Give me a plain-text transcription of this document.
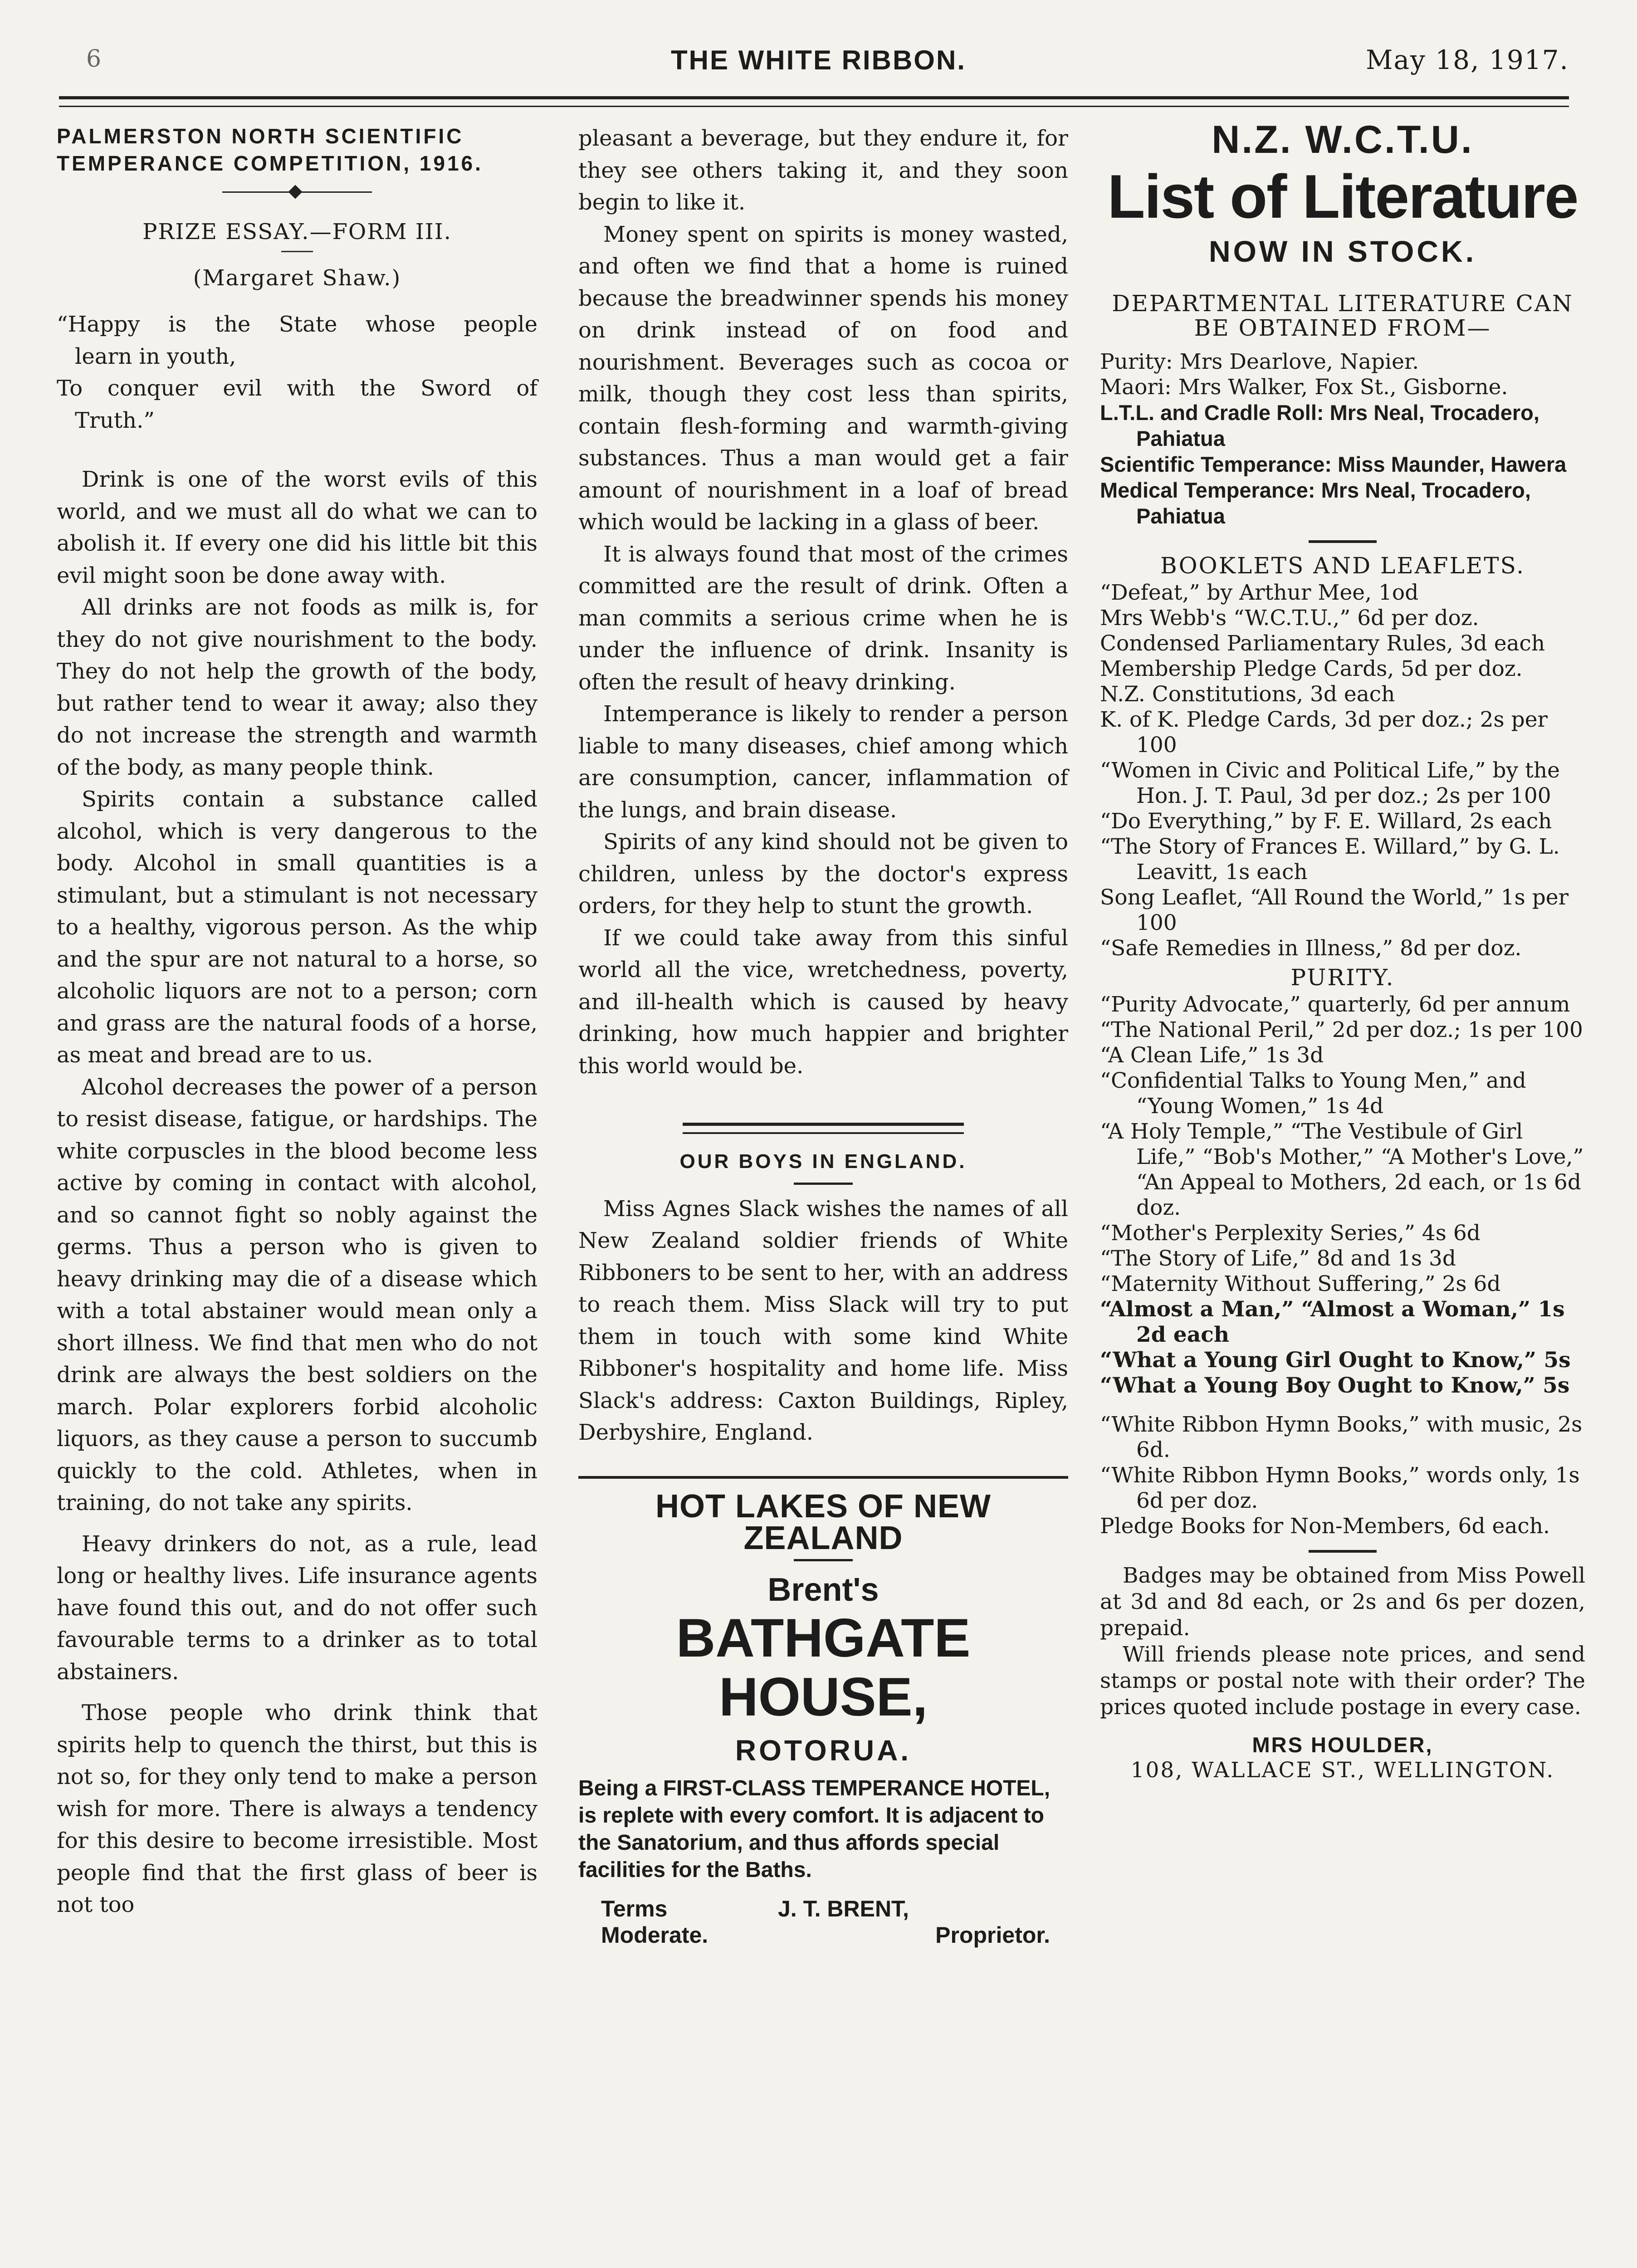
6	THE WHITE RIBBON.	May 18, 1917.

PALMERSTON NORTH SCIENTIFIC TEMPERANCE COMPETITION, 1916.

PRIZE ESSAY.—FORM III.

(Margaret Shaw.)

“Happy is the State whose people

learn in youth,

To conquer evil with the Sword of

Truth.”

Drink is one of the worst evils of this world, and we must all do what we can to abolish it. If every one did his little bit this evil might soon be done away with.

All drinks are not foods as milk is, for they do not give nourishment to the body. They do not help the growth of the body, but rather tend to wear it away; also they do not increase the strength and warmth of the body, as many people think.

Spirits contain a substance called alcohol, which is very dangerous to the body. Alcohol in small quantities is a stimulant, but a stimulant is not necessary to a healthy, vigorous person. As the whip and the spur are not natural to a horse, so alcoholic liquors are not to a person; corn and grass are the natural foods of a horse, as meat and bread are to us.

Alcohol decreases the power of a person to resist disease, fatigue, or hardships. The white corpuscles in the blood become less active by coming in contact with alcohol, and so cannot fight so nobly against the germs. Thus a person who is given to heavy drinking may die of a disease which with a total abstainer would mean only a short illness. We find that men who do not drink are always the best soldiers on the march. Polar explorers forbid alcoholic liquors, as they cause a person to succumb quickly to the cold. Athletes, when in training, do not take any spirits.

Heavy drinkers do not, as a rule, lead long or healthy lives. Life insurance agents have found this out, and do not offer such favourable terms to a drinker as to total abstainers.

Those people who drink think that spirits help to quench the thirst, but this is not so, for they only tend to make a person wish for more. There is always a tendency for this desire to become irresistible. Most people find that the first glass of beer is not too

pleasant a beverage, but they endure it, for they see others taking it, and they soon begin to like it.

Money spent on spirits is money wasted, and often we find that a home is ruined because the breadwinner spends his money on drink instead of on food and nourishment. Beverages such as cocoa or milk, though they cost less than spirits, contain flesh-forming and warmth-giving substances. Thus a man would get a fair amount of nourishment in a loaf of bread which would be lacking in a glass of beer.

It is always found that most of the crimes committed are the result of drink. Often a man commits a serious crime when he is under the influence of drink. Insanity is often the result of heavy drinking.

Intemperance is likely to render a person liable to many diseases, chief among which are consumption, cancer, inflammation of the lungs, and brain disease.

Spirits of any kind should not be given to children, unless by the doctor's express orders, for they help to stunt the growth.

If we could take away from this sinful world all the vice, wretchedness, poverty, and ill-health which is caused by heavy drinking, how much happier and brighter this world would be.

OUR BOYS IN ENGLAND.

Miss Agnes Slack wishes the names of all New Zealand soldier friends of White Ribboners to be sent to her, with an address to reach them. Miss Slack will try to put them in touch with some kind White Ribboner's hospitality and home life. Miss Slack's address: Caxton Buildings, Ripley, Derbyshire, England.

HOT LAKES OF NEW ZEALAND
Brent's
BATHGATE HOUSE,
ROTORUA.

Being a FIRST-CLASS TEMPERANCE HOTEL, is replete with every comfort. It is adjacent to the Sanatorium, and thus affords special facilities for the Baths.

Terms
Moderate.
J. T. BRENT,
Proprietor.
N.Z. W.C.T.U.
List of Literature
NOW IN STOCK.

DEPARTMENTAL LITERATURE CAN BE OBTAINED FROM—

Purity: Mrs Dearlove, Napier.

Maori: Mrs Walker, Fox St., Gisborne.

L.T.L. and Cradle Roll: Mrs Neal, Trocadero, Pahiatua

Scientific Temperance: Miss Maunder, Hawera

Medical Temperance: Mrs Neal, Trocadero, Pahiatua

BOOKLETS AND LEAFLETS.

“Defeat,” by Arthur Mee, 1od

Mrs Webb's “W.C.T.U.,” 6d per doz.

Condensed Parliamentary Rules, 3d each

Membership Pledge Cards, 5d per doz.

N.Z. Constitutions, 3d each

K. of K. Pledge Cards, 3d per doz.; 2s per 100

“Women in Civic and Political Life,” by the Hon. J. T. Paul, 3d per doz.; 2s per 100

“Do Everything,” by F. E. Willard, 2s each

“The Story of Frances E. Willard,” by G. L. Leavitt, 1s each

Song Leaflet, “All Round the World,” 1s per 100

“Safe Remedies in Illness,” 8d per doz.

PURITY.

“Purity Advocate,” quarterly, 6d per annum

“The National Peril,” 2d per doz.; 1s per 100

“A Clean Life,” 1s 3d

“Confidential Talks to Young Men,” and “Young Women,” 1s 4d

“A Holy Temple,” “The Vestibule of Girl Life,” “Bob's Mother,” “A Mother's Love,” “An Appeal to Mothers, 2d each, or 1s 6d doz.

“Mother's Perplexity Series,” 4s 6d

“The Story of Life,” 8d and 1s 3d

“Maternity Without Suffering,” 2s 6d

“Almost a Man,” “Almost a Woman,” 1s 2d each

“What a Young Girl Ought to Know,” 5s

“What a Young Boy Ought to Know,” 5s

“White Ribbon Hymn Books,” with music, 2s 6d.

“White Ribbon Hymn Books,” words only, 1s 6d per doz.

Pledge Books for Non-Members, 6d each.

Badges may be obtained from Miss Powell at 3d and 8d each, or 2s and 6s per dozen, prepaid.

Will friends please note prices, and send stamps or postal note with their order? The prices quoted include postage in every case.

MRS HOULDER,

108, WALLACE ST., WELLINGTON.
